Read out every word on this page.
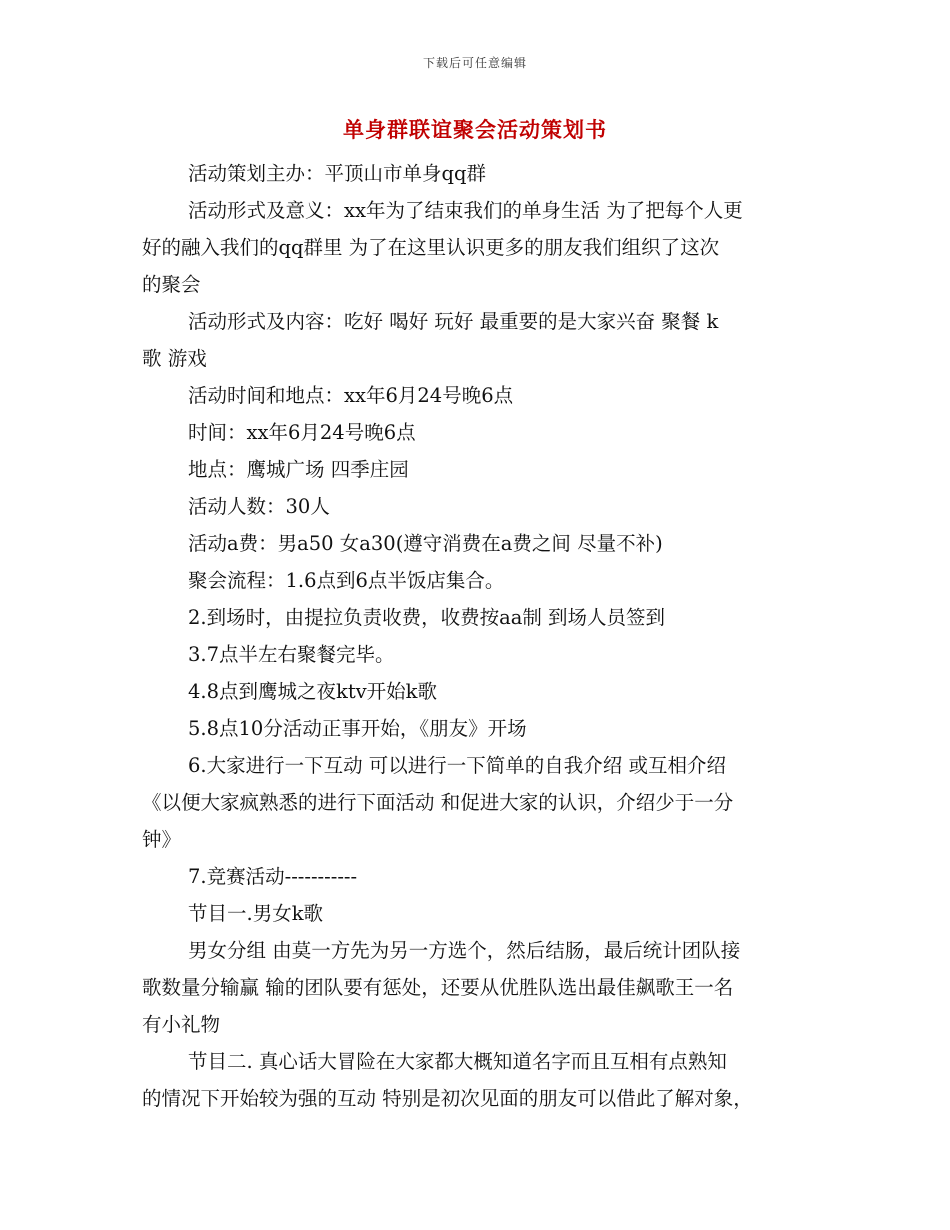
下载后可任意编辑
单身群联谊聚会活动策划书
活动策划主办：平顶山市单身qq群
活动形式及意义：xx年为了结束我们的单身生活 为了把每个人更
好的融入我们的qq群里 为了在这里认识更多的朋友我们组织了这次
的聚会
活动形式及内容：吃好 喝好 玩好 最重要的是大家兴奋 聚餐 k
歌 游戏
活动时间和地点：xx年6月24号晚6点
时间：xx年6月24号晚6点
地点：鹰城广场 四季庄园
活动人数：30人
活动a费：男a50 女a30(遵守消费在a费之间 尽量不补)
聚会流程：1.6点到6点半饭店集合。
2.到场时，由提拉负责收费，收费按aa制 到场人员签到
3.7点半左右聚餐完毕。
4.8点到鹰城之夜ktv开始k歌
5.8点10分活动正事开始，《朋友》开场
6.大家进行一下互动 可以进行一下简单的自我介绍 或互相介绍
《以便大家疯熟悉的进行下面活动 和促进大家的认识，介绍少于一分
钟》
7.竞赛活动-----------
节目一.男女k歌
男女分组 由莫一方先为另一方选个，然后结肠，最后统计团队接
歌数量分输赢 输的团队要有惩处，还要从优胜队选出最佳飙歌王一名
有小礼物
节目二. 真心话大冒险在大家都大概知道名字而且互相有点熟知
的情况下开始较为强的互动 特别是初次见面的朋友可以借此了解对象，
